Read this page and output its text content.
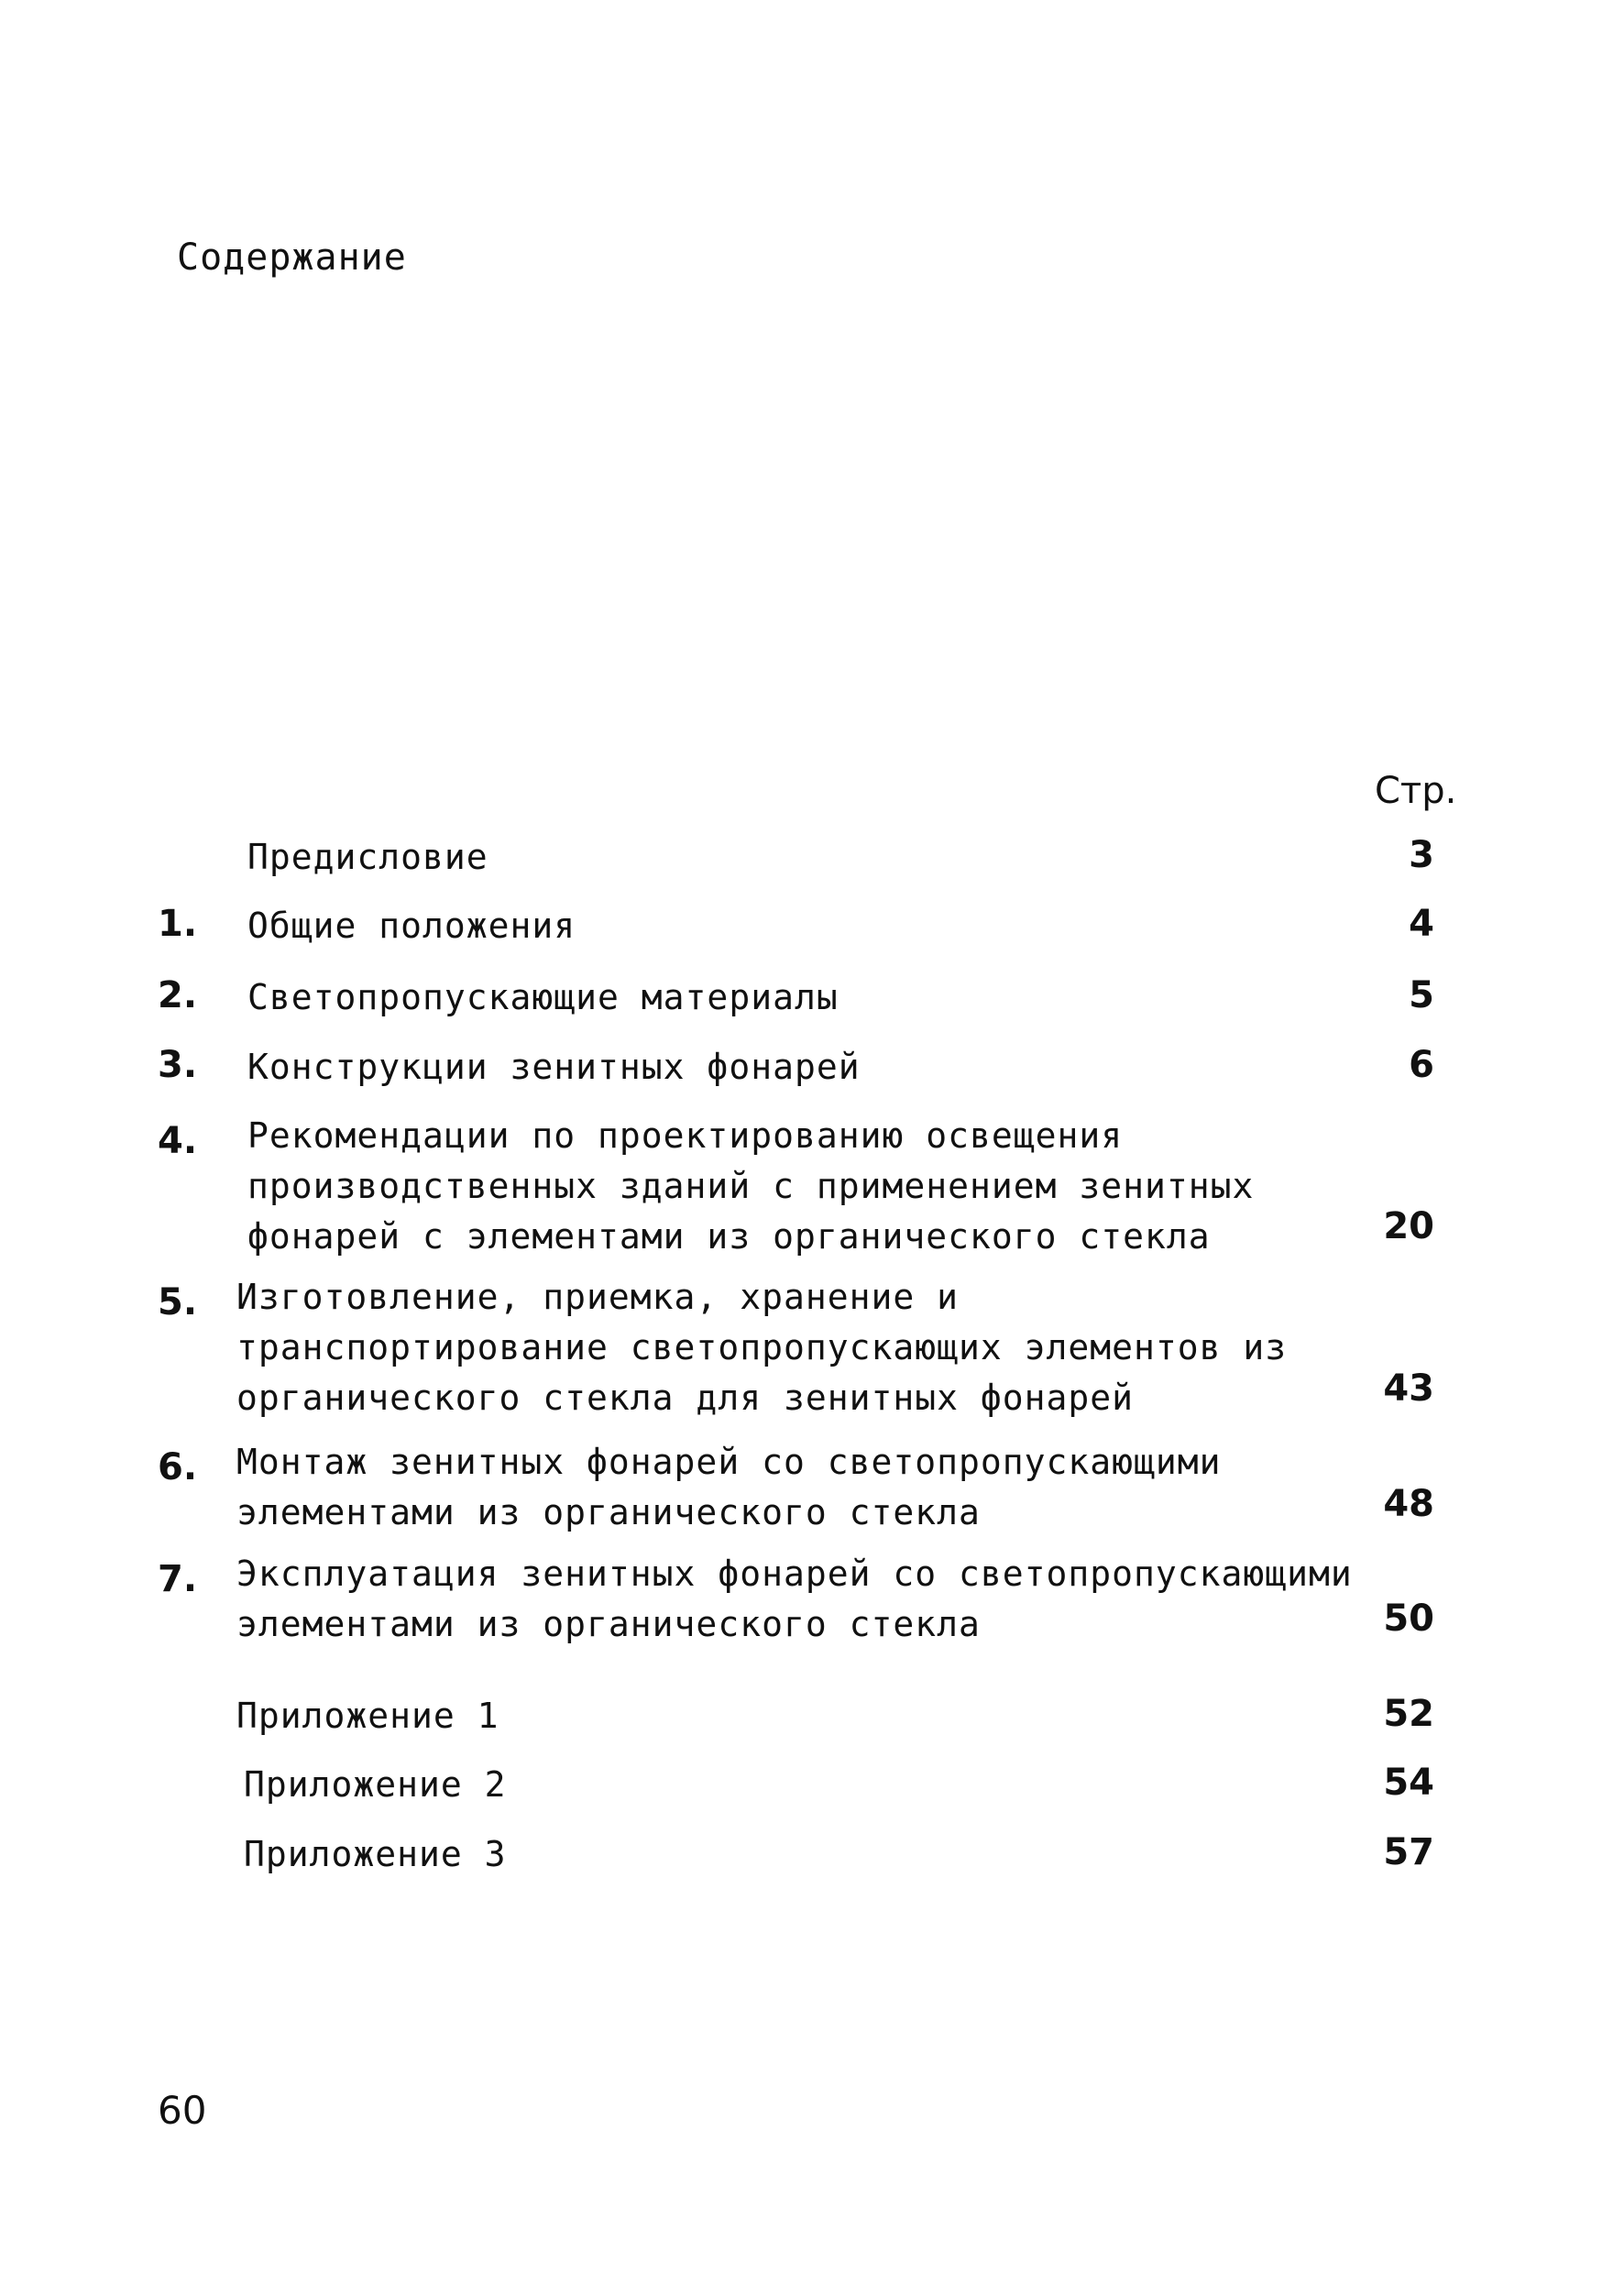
Содержание
Стр.
Предисловие	3
1.	Общие положения	4
2.	Светопропускающие материалы	5
3.	Конструкции зенитных фонарей	6
4.	Рекомендации по проектированию освещения производственных зданий с применением зенитных фонарей с элементами из органического стекла	20
5.	Изготовление, приемка, хранение и транспортирование светопропускающих элементов из органического стекла для зенитных фонарей	43
6.	Монтаж зенитных фонарей со светопропускающими элементами из органического стекла	48
7.	Эксплуатация зенитных фонарей со светопропускающими элементами из органического стекла	50
Приложение 1	52
Приложение 2	54
Приложение 3	57
60
